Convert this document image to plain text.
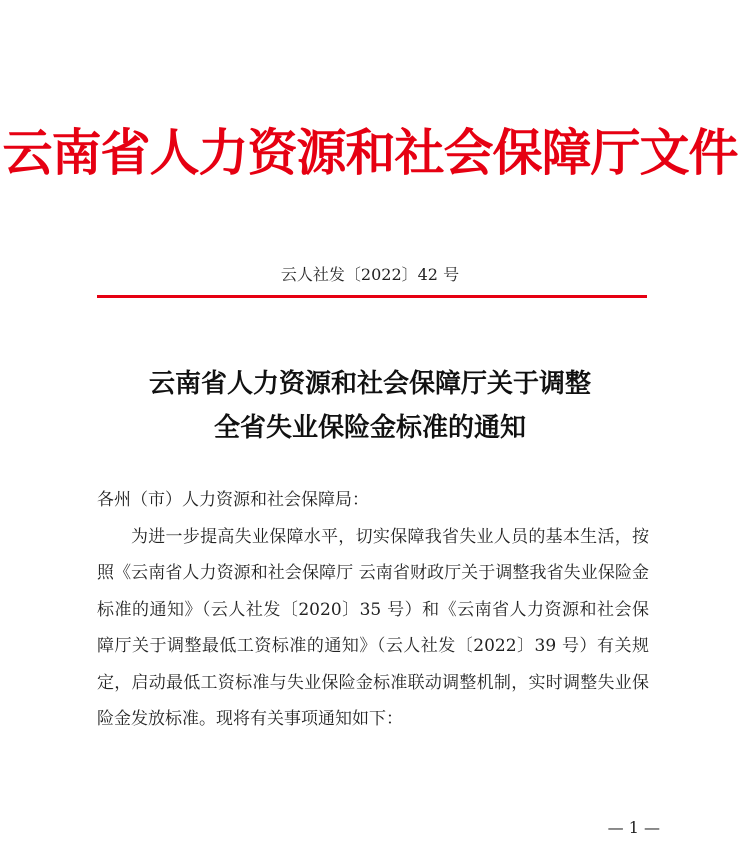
云南省人力资源和社会保障厅文件
云人社发〔2022〕42 号
云南省人力资源和社会保障厅关于调整
全省失业保险金标准的通知

各州（市）人力资源和社会保障局：

为进一步提高失业保障水平，切实保障我省失业人员的基本生活，按照《云南省人力资源和社会保障厅 云南省财政厅关于调整我省失业保险金标准的通知》（云人社发〔2020〕35 号）和《云南省人力资源和社会保障厅关于调整最低工资标准的通知》（云人社发〔2022〕39 号）有关规定，启动最低工资标准与失业保险金标准联动调整机制，实时调整失业保险金发放标准。现将有关事项通知如下：

— 1 —
